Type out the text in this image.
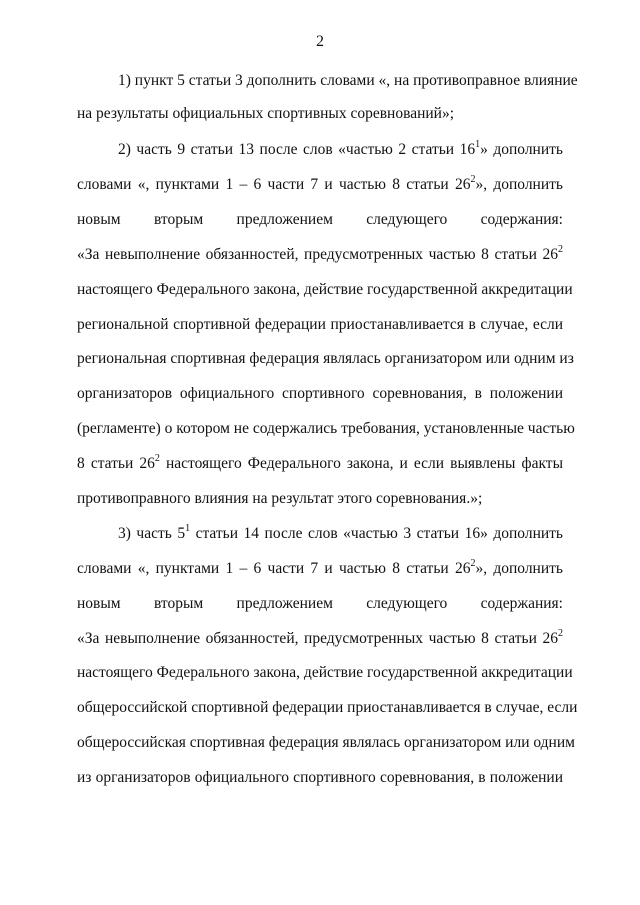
2
1) пункт 5 статьи 3 дополнить словами «, на противоправное влияние
на результаты официальных спортивных соревнований»;
2) часть 9 статьи 13 после слов «частью 2 статьи $16^1$» дополнить
словами «, пунктами 1 – 6 части 7 и частью 8 статьи $26^2$», дополнить
новым вторым предложением следующего содержания:
«За невыполнение обязанностей, предусмотренных частью 8 статьи $26^2$
настоящего Федерального закона, действие государственной аккредитации
региональной спортивной федерации приостанавливается в случае, если
региональная спортивная федерация являлась организатором или одним из
организаторов официального спортивного соревнования, в положении
(регламенте) о котором не содержались требования, установленные частью
8 статьи $26^2$ настоящего Федерального закона, и если выявлены факты
противоправного влияния на результат этого соревнования.»;
3) часть $5^1$ статьи 14 после слов «частью 3 статьи 16» дополнить
словами «, пунктами 1 – 6 части 7 и частью 8 статьи $26^2$», дополнить
новым вторым предложением следующего содержания:
«За невыполнение обязанностей, предусмотренных частью 8 статьи $26^2$
настоящего Федерального закона, действие государственной аккредитации
общероссийской спортивной федерации приостанавливается в случае, если
общероссийская спортивная федерация являлась организатором или одним
из организаторов официального спортивного соревнования, в положении
